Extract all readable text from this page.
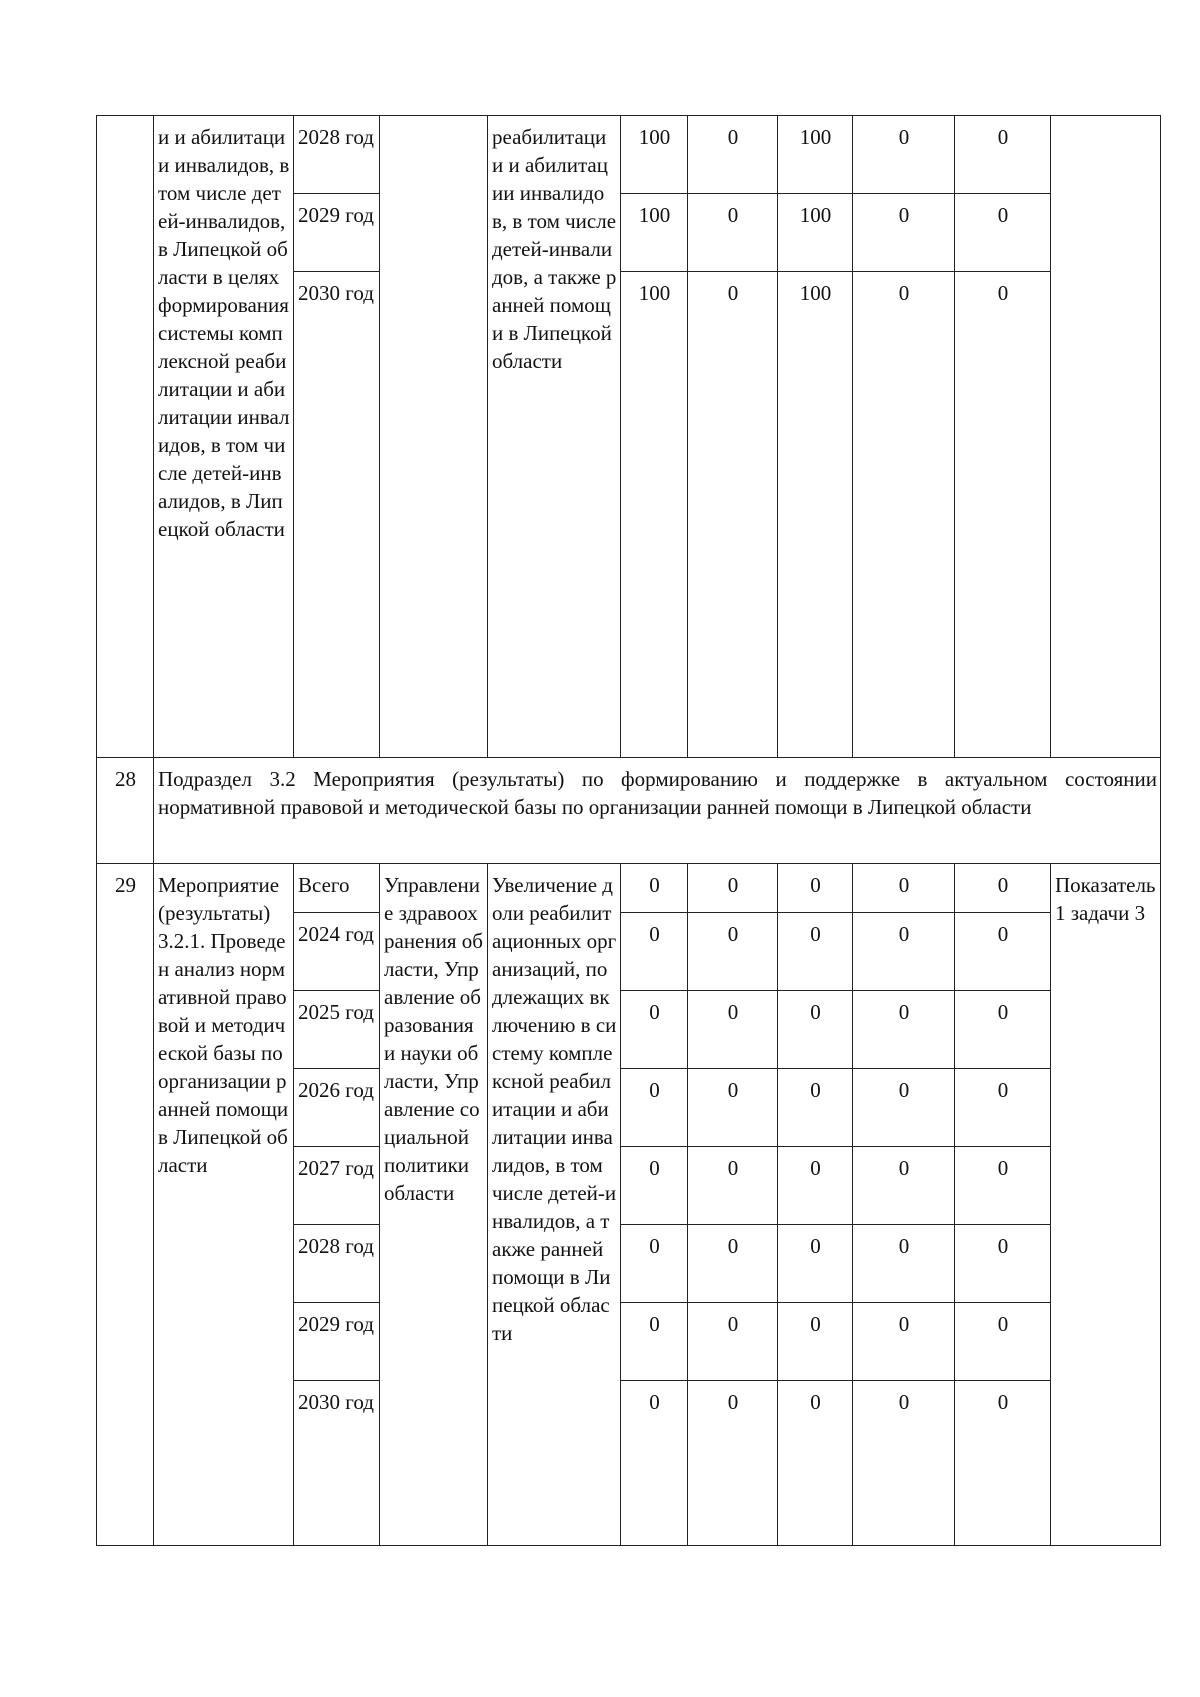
	и и абилитации инвалидов, в том числе детей-инвалидов, в Липецкой области в целях формирования системы комплексной реабилитации и абилитации инвалидов, в том числе детей-инвалидов, в Липецкой области	2028 год		реабилитации и абилитации инвалидов, в том числе детей-инвалидов, а также ранней помощи в Липецкой области	100	0	100	0	0	
		2029 год			100	0	100	0	0	
		2030 год			100	0	100	0	0	
28	Подраздел 3.2 Мероприятия (результаты) по формированию и поддержке в актуальном состоянии нормативной правовой и методической базы по организации ранней помощи в Липецкой области									
29	Мероприятие (результаты) 3.2.1. Проведен анализ нормативной правовой и методической базы по организации ранней помощи в Липецкой области	Всего	Управление здравоохранения области, Управление образования и науки области, Управление социальной политики области	Увеличение доли реабилитационных организаций, подлежащих включению в систему комплексной реабилитации и абилитации инвалидов, в том числе детей-инвалидов, а также ранней помощи в Липецкой области	0	0	0	0	0	Показатель 1 задачи 3
		2024 год			0	0	0	0	0	
		2025 год			0	0	0	0	0	
		2026 год			0	0	0	0	0	
		2027 год			0	0	0	0	0	
		2028 год			0	0	0	0	0	
		2029 год			0	0	0	0	0	
		2030 год			0	0	0	0	0	
